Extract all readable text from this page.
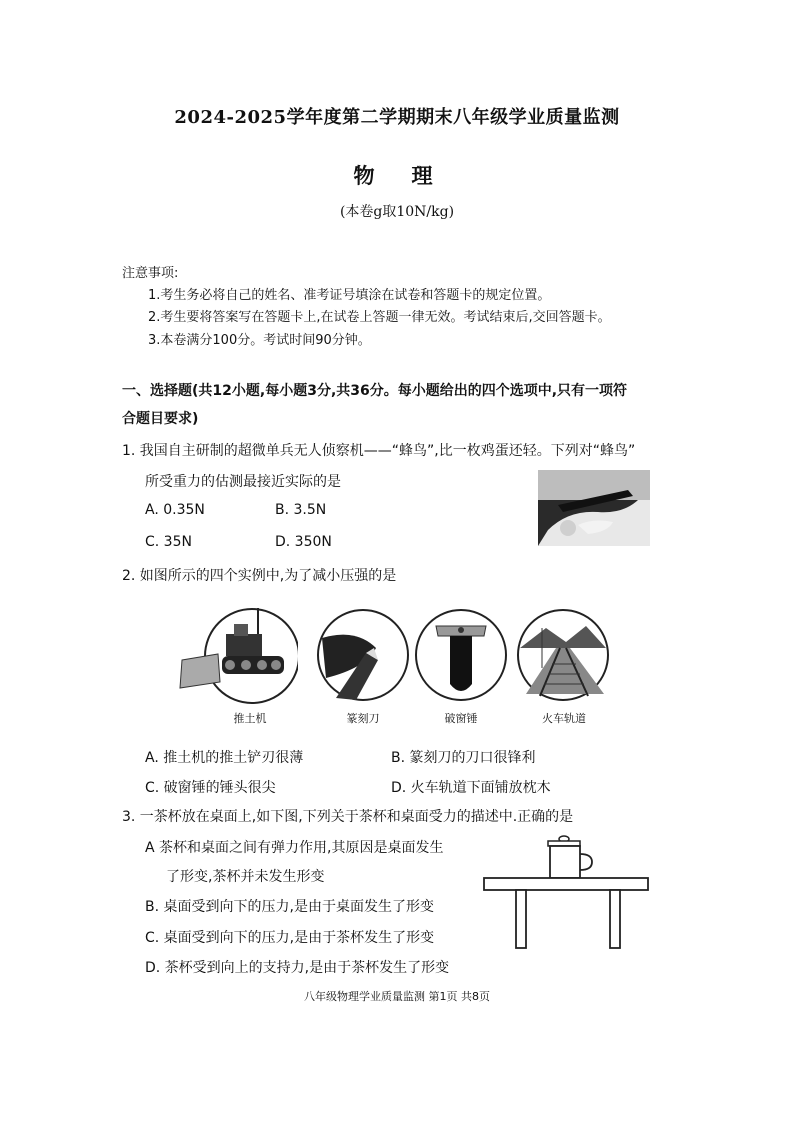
2024-2025学年度第二学期期末八年级学业质量监测
物　理
(本卷g取10N/kg)
注意事项:
1.考生务必将自己的姓名、准考证号填涂在试卷和答题卡的规定位置。
2.考生要将答案写在答题卡上,在试卷上答题一律无效。考试结束后,交回答题卡。
3.本卷满分100分。考试时间90分钟。
一、选择题(共12小题,每小题3分,共36分。每小题给出的四个选项中,只有一项符
合题目要求)
1. 我国自主研制的超微单兵无人侦察机——“蜂鸟”,比一枚鸡蛋还轻。下列对“蜂鸟”
所受重力的估测最接近实际的是
A. 0.35N	B. 3.5N
C. 35N	D. 350N
2. 如图所示的四个实例中,为了减小压强的是
推土机	篆刻刀	破窗锤	火车轨道
A. 推土机的推土铲刃很薄	B. 篆刻刀的刀口很锋利
C. 破窗锤的锤头很尖	D. 火车轨道下面铺放枕木
3. 一茶杯放在桌面上,如下图,下列关于茶杯和桌面受力的描述中.正确的是
A 茶杯和桌面之间有弹力作用,其原因是桌面发生
了形变,茶杯并未发生形变
B. 桌面受到向下的压力,是由于桌面发生了形变
C. 桌面受到向下的压力,是由于茶杯发生了形变
D. 茶杯受到向上的支持力,是由于茶杯发生了形变
八年级物理学业质量监测 第1页 共8页
